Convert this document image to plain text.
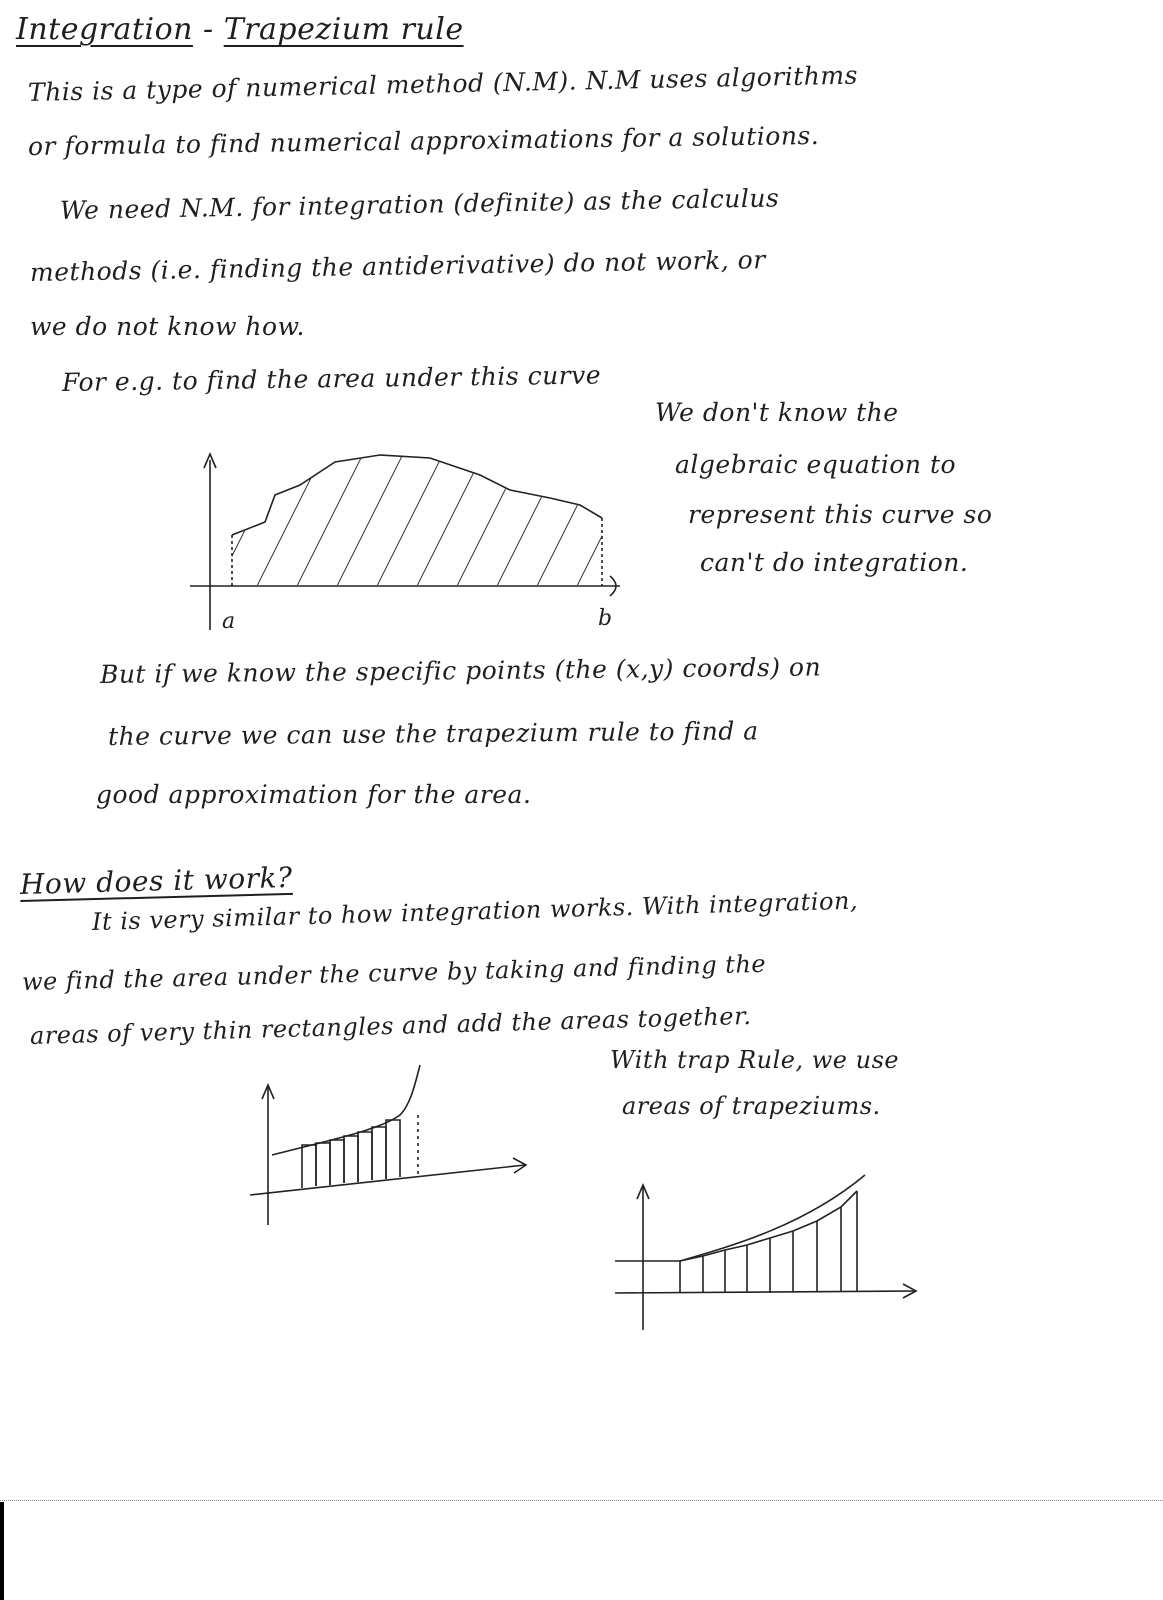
Integration - Trapezium rule
This is a type of numerical method (N.M). N.M uses algorithms
or formula to find numerical approximations for a solutions.
We need N.M. for integration (definite) as the calculus
methods (i.e. finding the antiderivative) do not work, or
we do not know how.
For e.g. to find the area under this curve
We don't know the
algebraic equation to
represent this curve so
can't do integration.
a	b
But if we know the specific points (the (x,y) coords) on
the curve we can use the trapezium rule to find a
good approximation for the area.
How does it work?
It is very similar to how integration works. With integration,
we find the area under the curve by taking and finding the
areas of very thin rectangles and add the areas together.
With trap Rule, we use
areas of trapeziums.
